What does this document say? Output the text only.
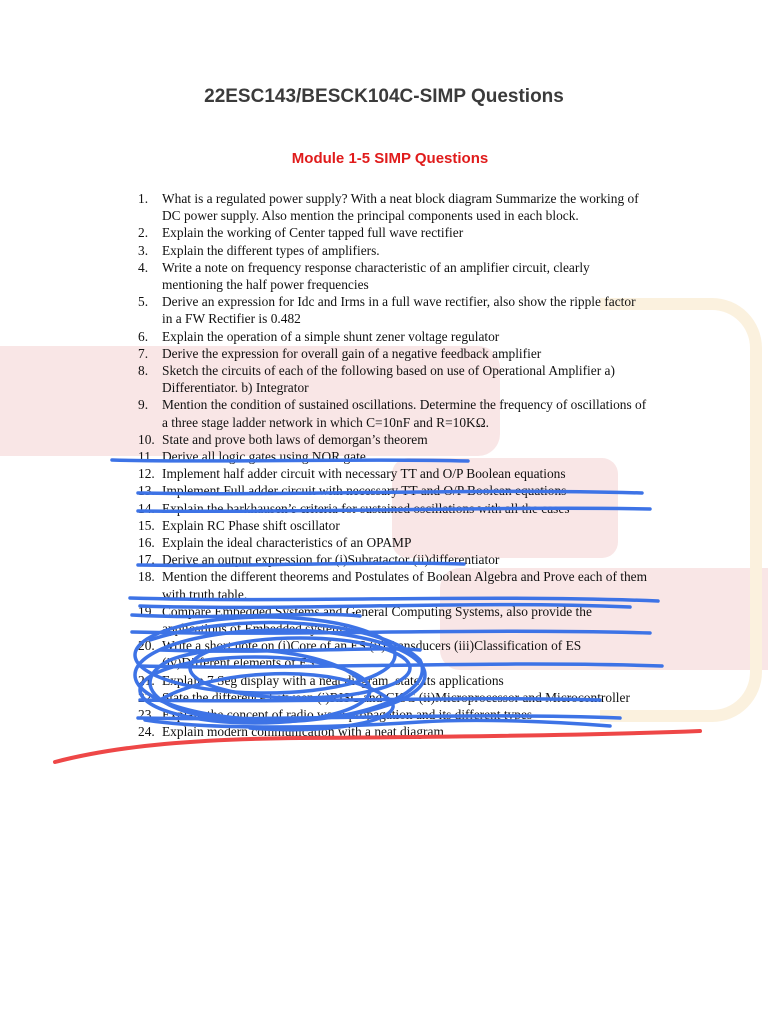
22ESC143/BESCK104C-SIMP Questions
Module 1-5 SIMP Questions
1.	What is a regulated power supply? With a neat block diagram Summarize the working of DC power supply. Also mention the principal components used in each block.
2.	Explain the working of Center tapped full wave rectifier
3.	Explain the different types of amplifiers.
4.	Write a note on frequency response characteristic of an amplifier circuit, clearly mentioning the half power frequencies
5.	Derive an expression for Idc and Irms in a full wave rectifier, also show the ripple factor in a FW Rectifier is 0.482
6.	Explain the operation of a simple shunt zener voltage regulator
7.	Derive the expression for overall gain of a negative feedback amplifier
8.	Sketch the circuits of each of the following based on use of Operational Amplifier a) Differentiator. b) Integrator
9.	Mention the condition of sustained oscillations. Determine the frequency of oscillations of a three stage ladder network in which C=10nF and R=10KΩ.
10. State and prove both laws of demorgan’s theorem
11. Derive all logic gates using NOR gate
12. Implement half adder circuit with necessary TT and O/P Boolean equations
13. Implement Full adder circuit with necessary TT and O/P Boolean equations
14. Explain the barkhausen’s criteria for sustained oscillations with all the cases
15. Explain RC Phase shift oscillator
16. Explain the ideal characteristics of an OPAMP
17. Derive an output expression for (i)Subratactor (ii)differentiator
18. Mention the different theorems and Postulates of Boolean Algebra and Prove each of them with truth table.
19. Compare Embedded Systems and General Computing Systems, also provide the applications of Embedded systems.
20. Write a short note on (i)Core of an ES (ii)Transducers (iii)Classification of ES (iv)Different elements of ES
21. Explain 7 Seg display with a neat diagram, state its applications
22. State the difference between (i)RISC and CISC (ii)Microprocessor and Microcontroller
23. Explain the concept of radio wave propagation and its different types
24. Explain modern communication with a neat diagram
